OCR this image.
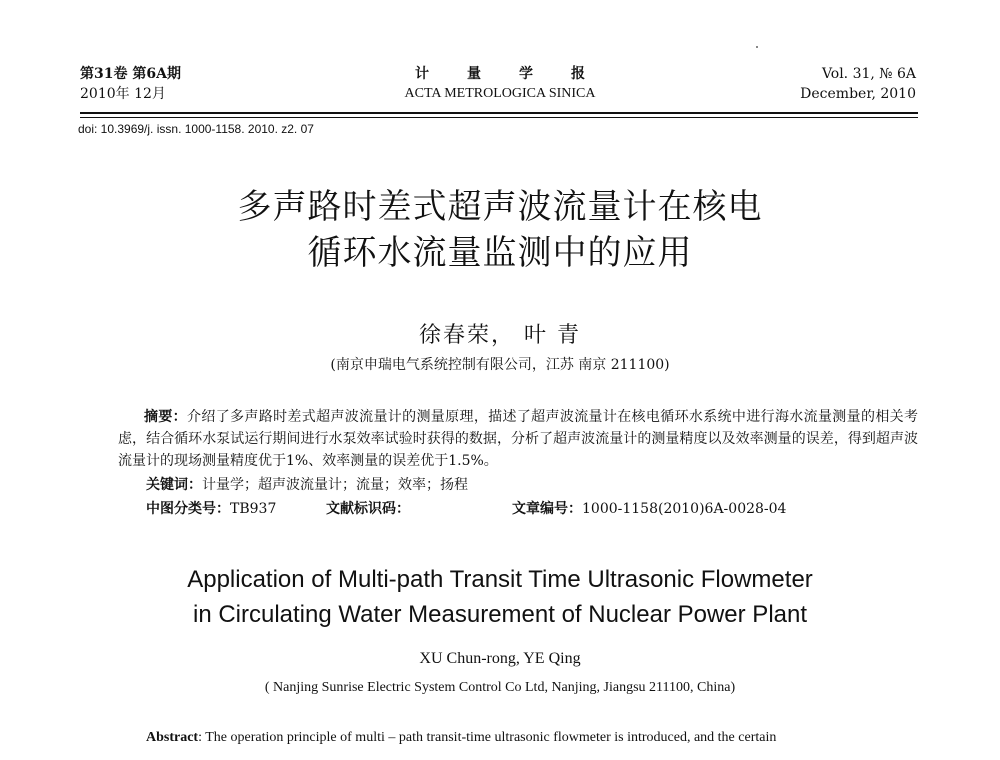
第31卷 第6A期
2010年 12月
计量学报
ACTA METROLOGICA SINICA
Vol. 31, № 6A
December, 2010
doi: 10.3969/j. issn. 1000-1158. 2010. z2. 07
多声路时差式超声波流量计在核电
循环水流量监测中的应用
徐春荣， 叶 青
(南京申瑞电气系统控制有限公司，江苏 南京 211100)
摘要：介绍了多声路时差式超声波流量计的测量原理，描述了超声波流量计在核电循环水系统中进行海水流量测量的相关考虑，结合循环水泵试运行期间进行水泵效率试验时获得的数据，分析了超声波流量计的测量精度以及效率测量的误差，得到超声波流量计的现场测量精度优于1%、效率测量的误差优于1.5%。
关键词：计量学；超声波流量计；流量；效率；扬程
中图分类号：TB937	文献标识码：	文章编号：1000-1158(2010)6A-0028-04
Application of Multi-path Transit Time Ultrasonic Flowmeter
in Circulating Water Measurement of Nuclear Power Plant
XU Chun-rong, YE Qing
( Nanjing Sunrise Electric System Control Co Ltd, Nanjing, Jiangsu 211100, China)
Abstract: The operation principle of multi – path transit-time ultrasonic flowmeter is introduced, and the certain
